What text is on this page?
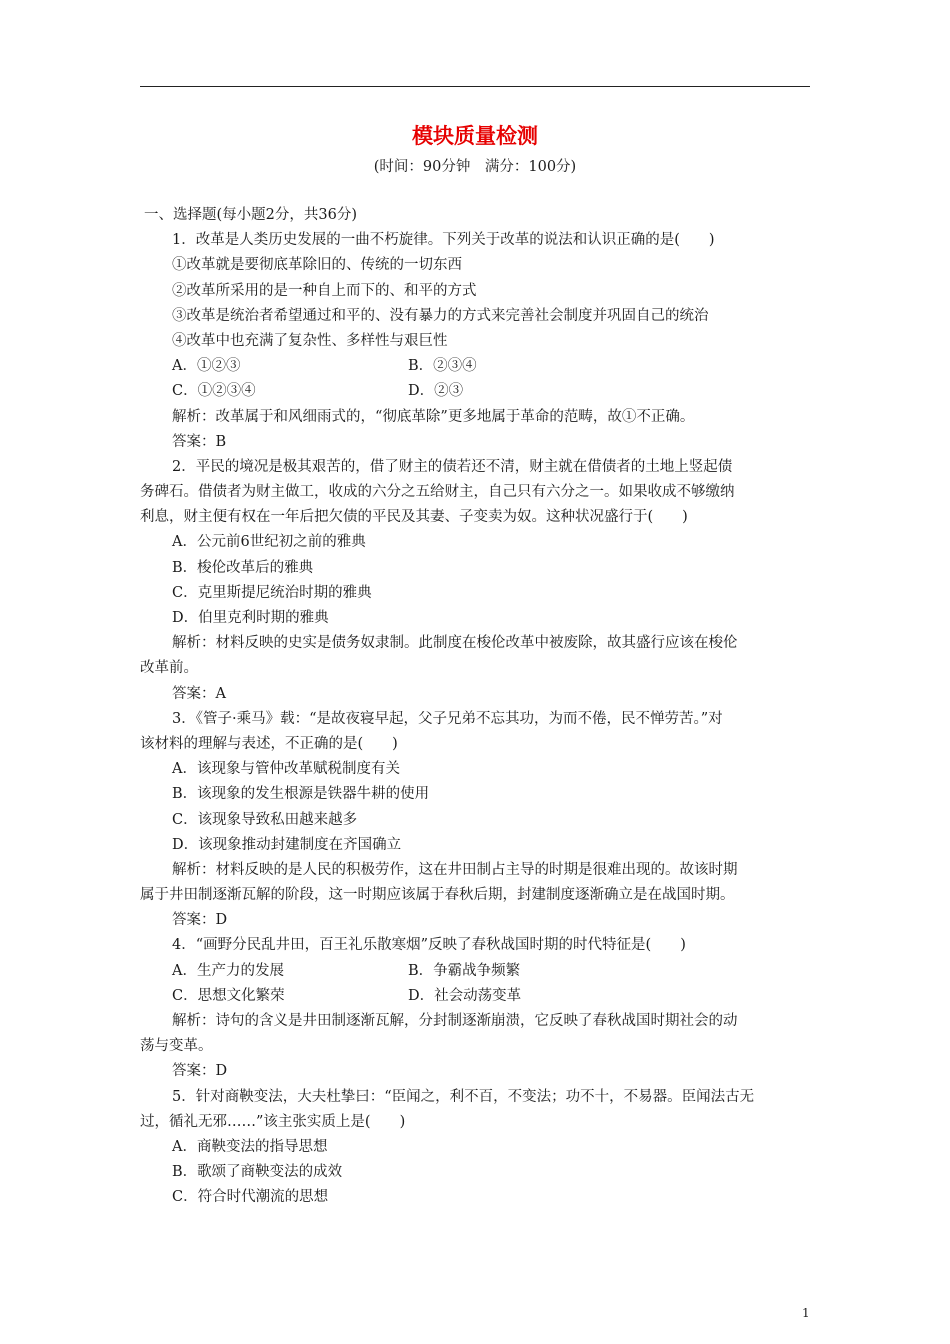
模块质量检测
(时间：90分钟　满分：100分)
一、选择题(每小题2分，共36分)
1．改革是人类历史发展的一曲不朽旋律。下列关于改革的说法和认识正确的是(　　)
①改革就是要彻底革除旧的、传统的一切东西
②改革所采用的是一种自上而下的、和平的方式
③改革是统治者希望通过和平的、没有暴力的方式来完善社会制度并巩固自己的统治
④改革中也充满了复杂性、多样性与艰巨性
A．①②③	B．②③④
C．①②③④	D．②③
解析：改革属于和风细雨式的，“彻底革除”更多地属于革命的范畴，故①不正确。
答案：B
2．平民的境况是极其艰苦的，借了财主的债若还不清，财主就在借债者的土地上竖起债
务碑石。借债者为财主做工，收成的六分之五给财主，自己只有六分之一。如果收成不够缴纳
利息，财主便有权在一年后把欠债的平民及其妻、子变卖为奴。这种状况盛行于(　　)
A．公元前6世纪初之前的雅典
B．梭伦改革后的雅典
C．克里斯提尼统治时期的雅典
D．伯里克利时期的雅典
解析：材料反映的史实是债务奴隶制。此制度在梭伦改革中被废除，故其盛行应该在梭伦
改革前。
答案：A
3．《管子·乘马》载：“是故夜寝早起，父子兄弟不忘其功，为而不倦，民不惮劳苦。”对
该材料的理解与表述，不正确的是(　　)
A．该现象与管仲改革赋税制度有关
B．该现象的发生根源是铁器牛耕的使用
C．该现象导致私田越来越多
D．该现象推动封建制度在齐国确立
解析：材料反映的是人民的积极劳作，这在井田制占主导的时期是很难出现的。故该时期
属于井田制逐渐瓦解的阶段，这一时期应该属于春秋后期，封建制度逐渐确立是在战国时期。
答案：D
4．“画野分民乱井田，百王礼乐散寒烟”反映了春秋战国时期的时代特征是(　　)
A．生产力的发展	B．争霸战争频繁
C．思想文化繁荣	D．社会动荡变革
解析：诗句的含义是井田制逐渐瓦解，分封制逐渐崩溃，它反映了春秋战国时期社会的动
荡与变革。
答案：D
5．针对商鞅变法，大夫杜挚曰：“臣闻之，利不百，不变法；功不十，不易器。臣闻法古无
过，循礼无邪……”该主张实质上是(　　)
A．商鞅变法的指导思想
B．歌颂了商鞅变法的成效
C．符合时代潮流的思想
1
